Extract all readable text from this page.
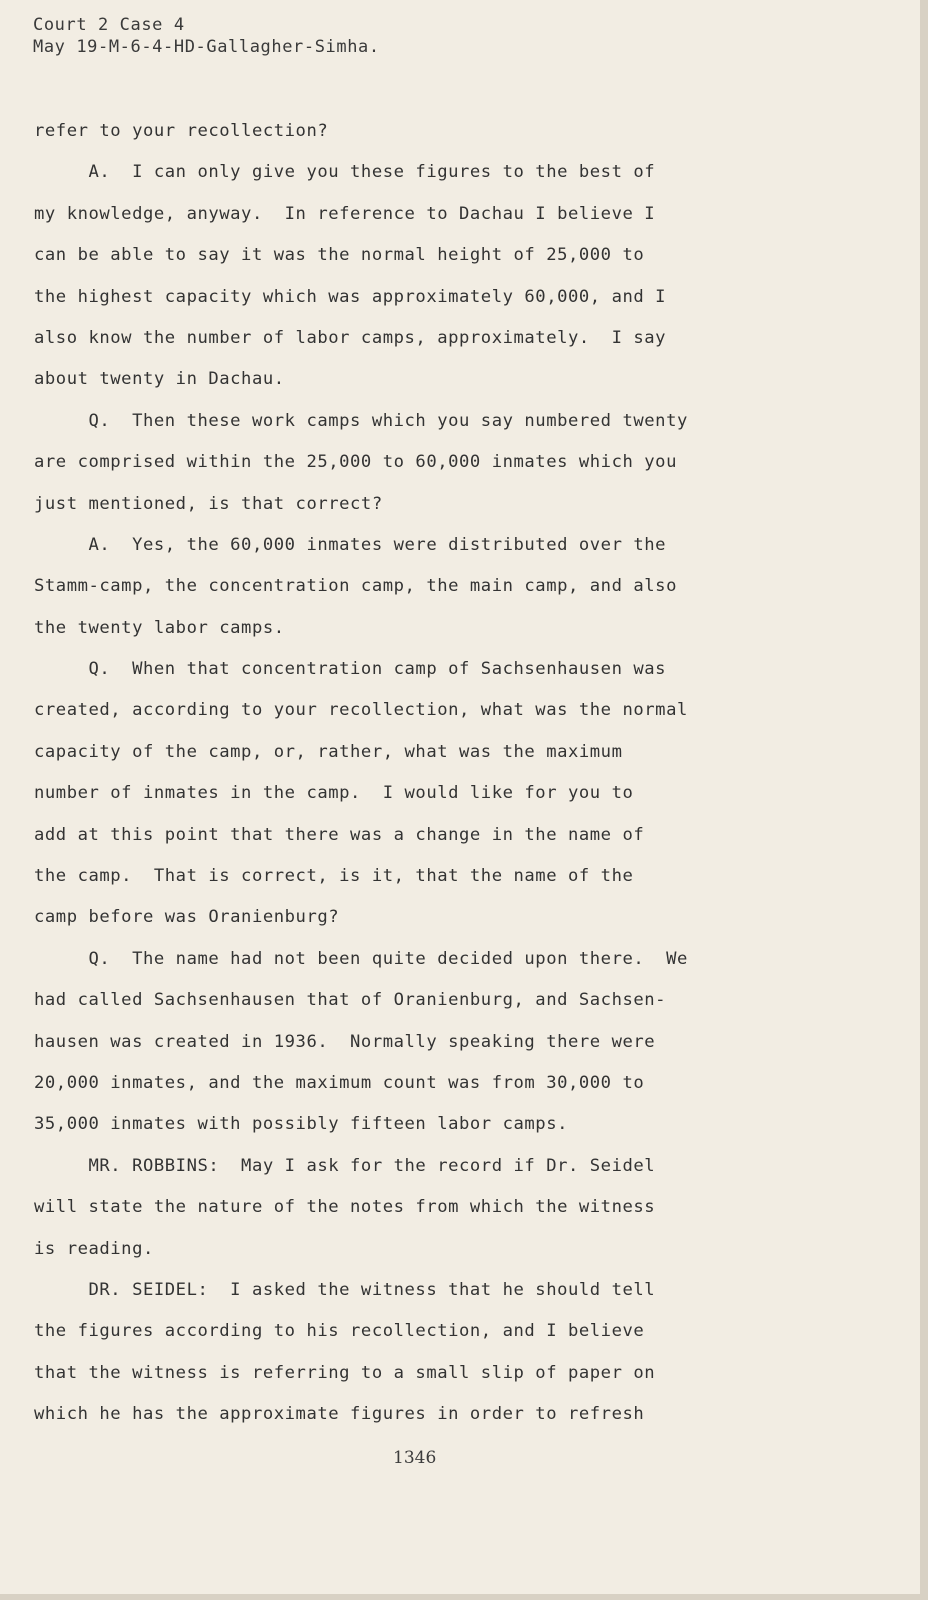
Court 2 Case 4
May 19-M-6-4-HD-Gallagher-Simha.
refer to your recollection?
A.  I can only give you these figures to the best of
my knowledge, anyway.  In reference to Dachau I believe I
can be able to say it was the normal height of 25,000 to
the highest capacity which was approximately 60,000, and I
also know the number of labor camps, approximately.  I say
about twenty in Dachau.
Q.  Then these work camps which you say numbered twenty
are comprised within the 25,000 to 60,000 inmates which you
just mentioned, is that correct?
A.  Yes, the 60,000 inmates were distributed over the
Stamm-camp, the concentration camp, the main camp, and also
the twenty labor camps.
Q.  When that concentration camp of Sachsenhausen was
created, according to your recollection, what was the normal
capacity of the camp, or, rather, what was the maximum
number of inmates in the camp.  I would like for you to
add at this point that there was a change in the name of
the camp.  That is correct, is it, that the name of the
camp before was Oranienburg?
Q.  The name had not been quite decided upon there.  We
had called Sachsenhausen that of Oranienburg, and Sachsen-
hausen was created in 1936.  Normally speaking there were
20,000 inmates, and the maximum count was from 30,000 to
35,000 inmates with possibly fifteen labor camps.
MR. ROBBINS:  May I ask for the record if Dr. Seidel
will state the nature of the notes from which the witness
is reading.
DR. SEIDEL:  I asked the witness that he should tell
the figures according to his recollection, and I believe
that the witness is referring to a small slip of paper on
which he has the approximate figures in order to refresh
1346
